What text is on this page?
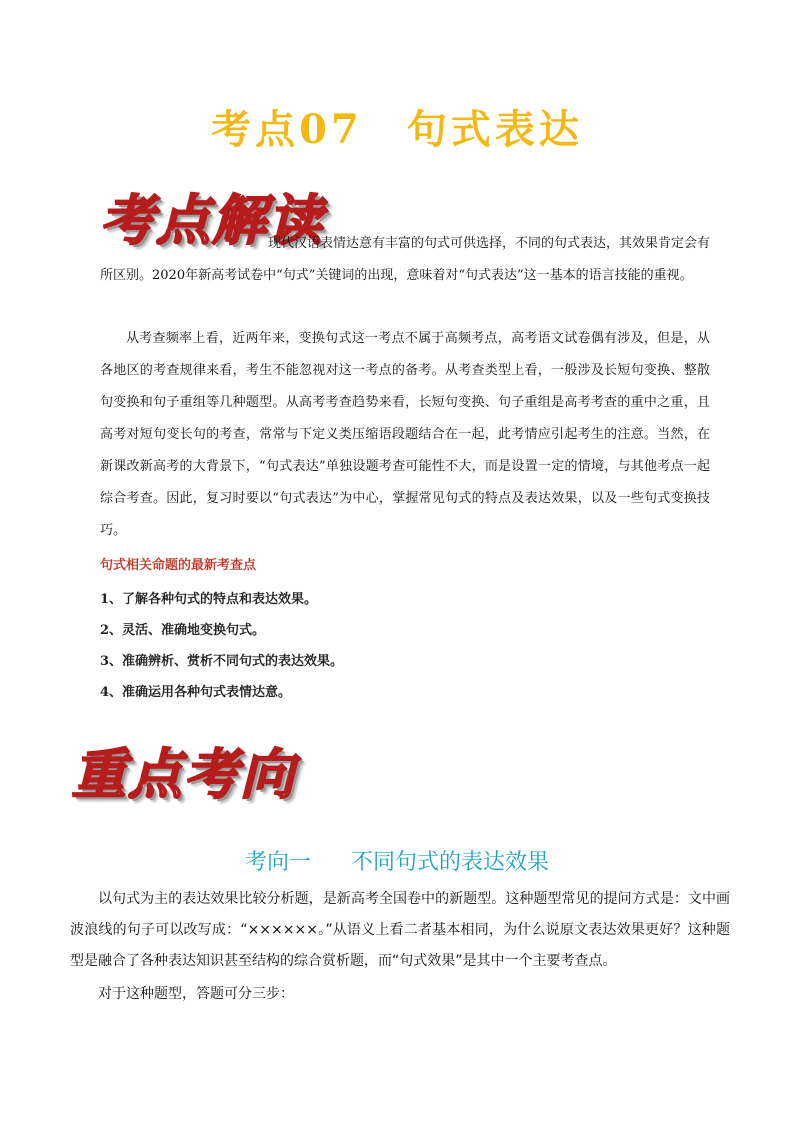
考点07　句式表达
考点解读

现代汉语表情达意有丰富的句式可供选择，不同的句式表达，其效果肯定会有所区别。2020年新高考试卷中“句式”关键词的出现，意味着对“句式表达”这一基本的语言技能的重视。

从考查频率上看，近两年来，变换句式这一考点不属于高频考点，高考语文试卷偶有涉及，但是，从各地区的考查规律来看，考生不能忽视对这一考点的备考。从考查类型上看，一般涉及长短句变换、整散句变换和句子重组等几种题型。从高考考查趋势来看，长短句变换、句子重组是高考考查的重中之重，且高考对短句变长句的考查，常常与下定义类压缩语段题结合在一起，此考情应引起考生的注意。当然，在新课改新高考的大背景下，“句式表达”单独设题考查可能性不大，而是设置一定的情境，与其他考点一起综合考查。因此，复习时要以“句式表达”为中心，掌握常见句式的特点及表达效果，以及一些句式变换技巧。

句式相关命题的最新考查点

1、了解各种句式的特点和表达效果。
2、灵活、准确地变换句式。
3、准确辨析、赏析不同句式的表达效果。
4、准确运用各种句式表情达意。
重点考向
考向一 不同句式的表达效果

以句式为主的表达效果比较分析题，是新高考全国卷中的新题型。这种题型常见的提问方式是：文中画波浪线的句子可以改写成：“××××××。”从语义上看二者基本相同，为什么说原文表达效果更好？这种题型是融合了各种表达知识甚至结构的综合赏析题，而“句式效果”是其中一个主要考查点。

对于这种题型，答题可分三步：
